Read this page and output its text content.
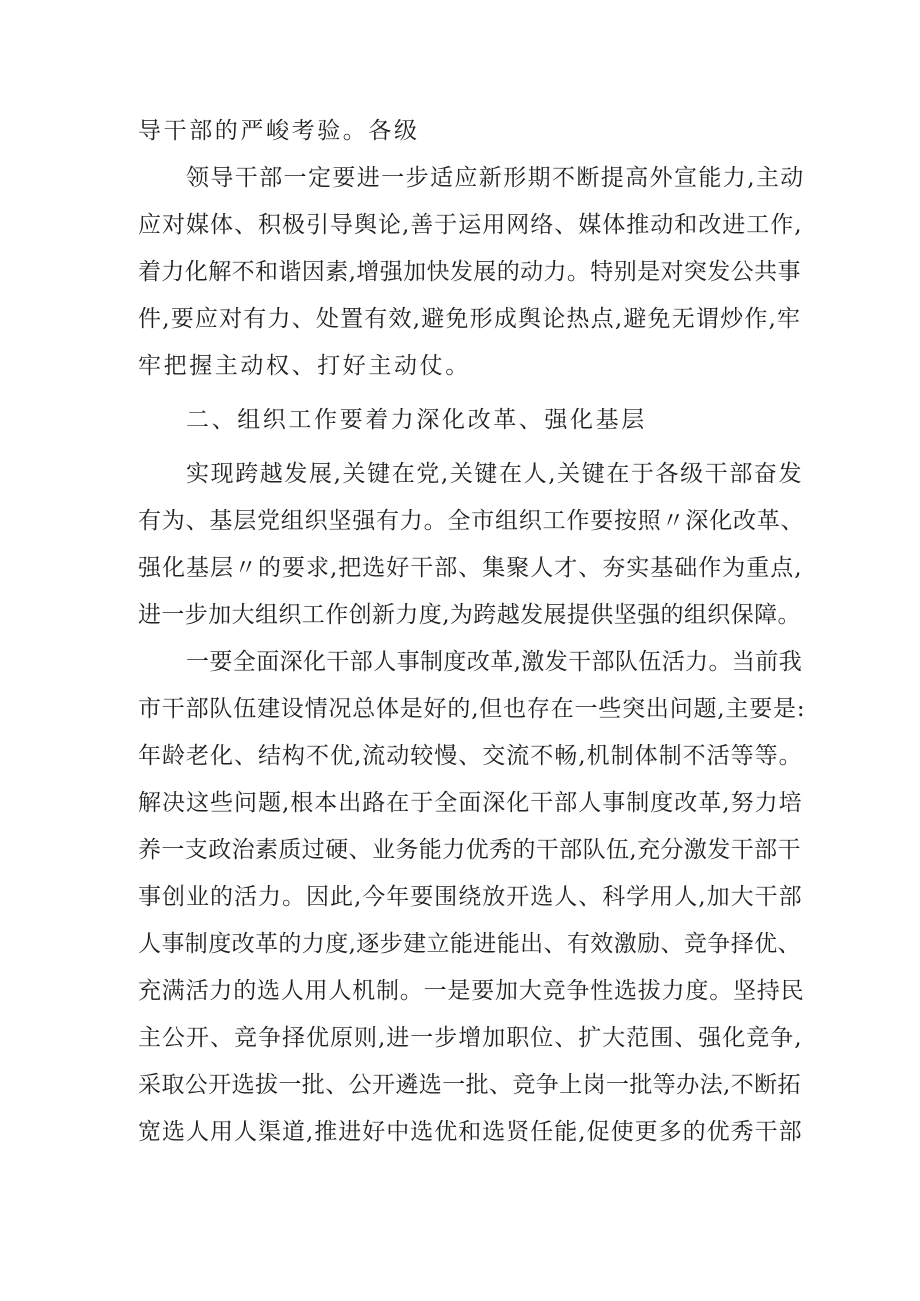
导干部的严峻考验。各级
领导干部一定要进一步适应新形期不断提高外宣能力,主动
应对媒体、积极引导舆论,善于运用网络、媒体推动和改进工作,
着力化解不和谐因素,增强加快发展的动力。特别是对突发公共事
件,要应对有力、处置有效,避免形成舆论热点,避免无谓炒作,牢
牢把握主动权、打好主动仗。
二、组织工作要着力深化改革、强化基层
实现跨越发展,关键在党,关键在人,关键在于各级干部奋发
有为、基层党组织坚强有力。全市组织工作要按照〃深化改革、
强化基层〃的要求,把选好干部、集聚人才、夯实基础作为重点,
进一步加大组织工作创新力度,为跨越发展提供坚强的组织保障。
一要全面深化干部人事制度改革,激发干部队伍活力。当前我
市干部队伍建设情况总体是好的,但也存在一些突出问题,主要是:
年龄老化、结构不优,流动较慢、交流不畅,机制体制不活等等。
解决这些问题,根本出路在于全面深化干部人事制度改革,努力培
养一支政治素质过硬、业务能力优秀的干部队伍,充分激发干部干
事创业的活力。因此,今年要围绕放开选人、科学用人,加大干部
人事制度改革的力度,逐步建立能进能出、有效激励、竞争择优、
充满活力的选人用人机制。一是要加大竞争性选拔力度。坚持民
主公开、竞争择优原则,进一步增加职位、扩大范围、强化竞争,
采取公开选拔一批、公开遴选一批、竞争上岗一批等办法,不断拓
宽选人用人渠道,推进好中选优和选贤任能,促使更多的优秀干部
